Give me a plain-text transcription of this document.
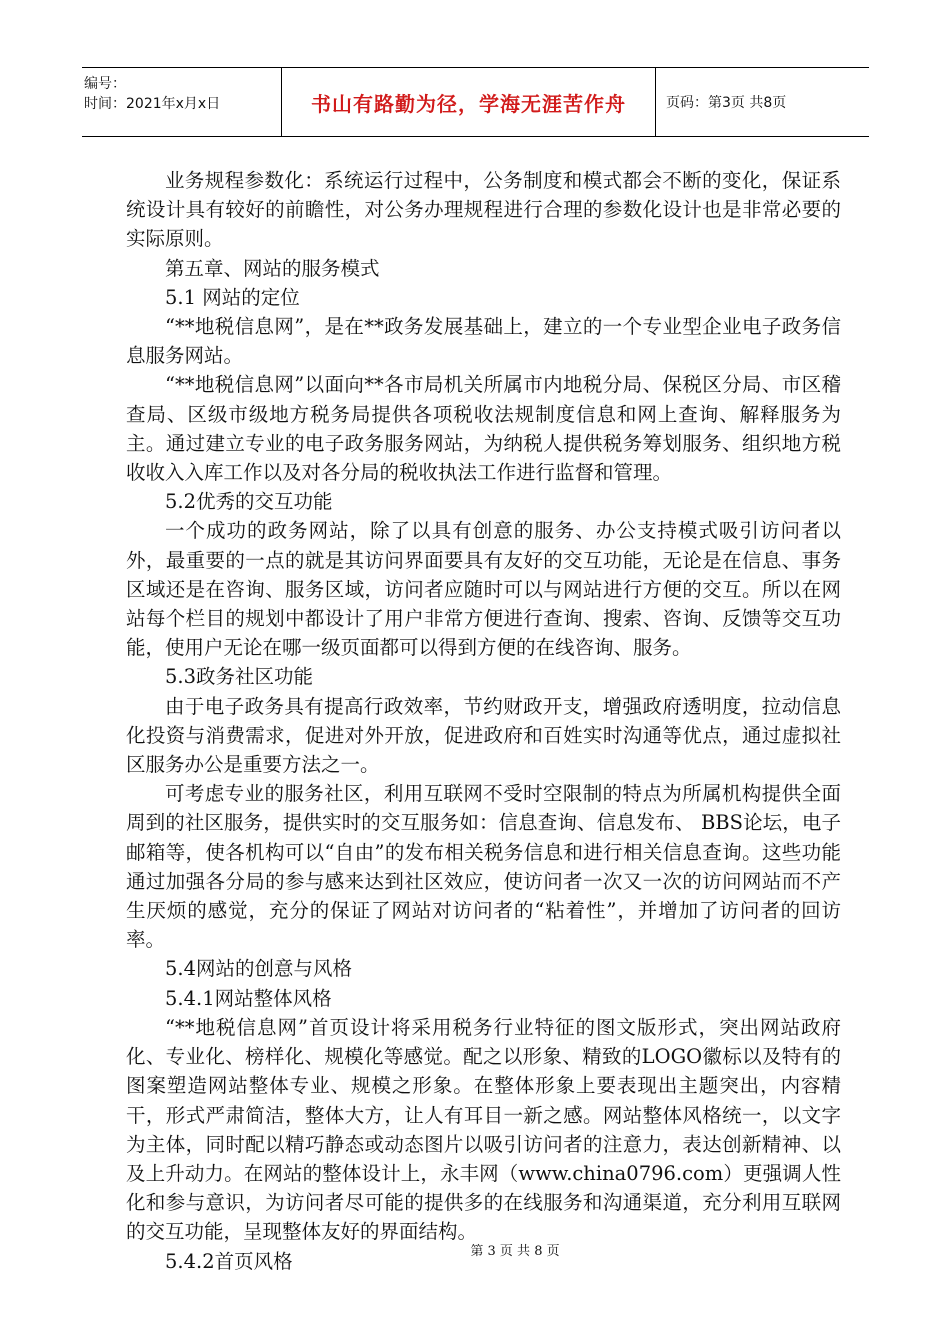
编号：
时间：2021年x月x日	书山有路勤为径，学海无涯苦作舟	页码：第3页 共8页

业务规程参数化：系统运行过程中，公务制度和模式都会不断的变化，保证系统设计具有较好的前瞻性，对公务办理规程进行合理的参数化设计也是非常必要的实际原则。

第五章、网站的服务模式

5.1 网站的定位

“**地税信息网”，是在**政务发展基础上，建立的一个专业型企业电子政务信息服务网站。

“**地税信息网”以面向**各市局机关所属市内地税分局、保税区分局、市区稽查局、区级市级地方税务局提供各项税收法规制度信息和网上查询、解释服务为主。通过建立专业的电子政务服务网站，为纳税人提供税务筹划服务、组织地方税收收入入库工作以及对各分局的税收执法工作进行监督和管理。

5.2优秀的交互功能

一个成功的政务网站，除了以具有创意的服务、办公支持模式吸引访问者以外，最重要的一点的就是其访问界面要具有友好的交互功能，无论是在信息、事务区域还是在咨询、服务区域，访问者应随时可以与网站进行方便的交互。所以在网站每个栏目的规划中都设计了用户非常方便进行查询、搜索、咨询、反馈等交互功能，使用户无论在哪一级页面都可以得到方便的在线咨询、服务。

5.3政务社区功能

由于电子政务具有提高行政效率，节约财政开支，增强政府透明度，拉动信息化投资与消费需求，促进对外开放，促进政府和百姓实时沟通等优点，通过虚拟社区服务办公是重要方法之一。

可考虑专业的服务社区，利用互联网不受时空限制的特点为所属机构提供全面周到的社区服务，提供实时的交互服务如：信息查询、信息发布、 BBS论坛，电子邮箱等，使各机构可以“自由”的发布相关税务信息和进行相关信息查询。这些功能通过加强各分局的参与感来达到社区效应，使访问者一次又一次的访问网站而不产生厌烦的感觉，充分的保证了网站对访问者的“粘着性”，并增加了访问者的回访率。

5.4网站的创意与风格

5.4.1网站整体风格

“**地税信息网”首页设计将采用税务行业特征的图文版形式，突出网站政府化、专业化、榜样化、规模化等感觉。配之以形象、精致的LOGO徽标以及特有的图案塑造网站整体专业、规模之形象。在整体形象上要表现出主题突出，内容精干，形式严肃简洁，整体大方，让人有耳目一新之感。网站整体风格统一，以文字为主体，同时配以精巧静态或动态图片以吸引访问者的注意力，表达创新精神、以及上升动力。在网站的整体设计上，永丰网（www.china0796.com）更强调人性化和参与意识，为访问者尽可能的提供多的在线服务和沟通渠道，充分利用互联网的交互功能，呈现整体友好的界面结构。

5.4.2首页风格	第 3 页 共 8 页
